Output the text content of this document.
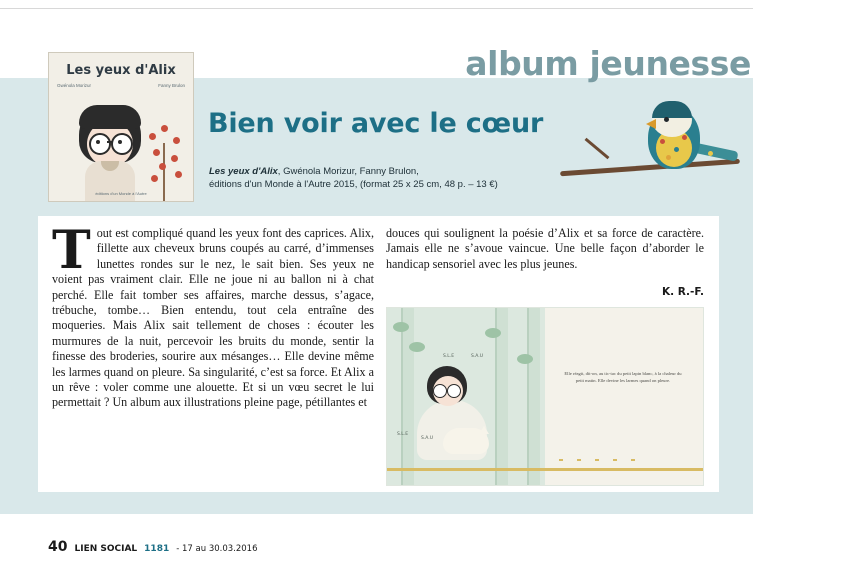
album jeunesse
Les yeux d'Alix
Gwénola Morizur	Fanny Brulon
éditions d'un Monde à l'Autre
Bien voir avec le cœur
Les yeux d'Alix, Gwénola Morizur, Fanny Brulon,
éditions d'un Monde à l'Autre 2015, (format 25 x 25 cm, 48 p. – 13 €)
Tout est compliqué quand les yeux font des caprices. Alix, fillette aux cheveux bruns coupés au carré, d’immenses lunettes rondes sur le nez, le sait bien. Ses yeux ne voient pas vraiment clair. Elle ne joue ni au ballon ni à chat perché. Elle fait tomber ses affaires, marche dessus, s’agace, trébuche, tombe… Bien entendu, tout cela entraîne des moqueries. Mais Alix sait tellement de choses : écouter les murmures de la nuit, percevoir les bruits du monde, sentir la finesse des broderies, sourire aux mésanges… Elle devine même les larmes quand on pleure. Sa singularité, c’est sa force. Et Alix a un rêve : voler comme une alouette. Et si un vœu secret le lui permettait ? Un album aux illustrations pleine page, pétillantes et
douces qui soulignent la poésie d’Alix et sa force de caractère. Jamais elle ne s’avoue vaincue. Une belle façon d’aborder le handicap sensoriel avec les plus jeunes.
K. R.-F.
Elle réagit, dit-on, au tic-tac du petit lapin blanc, à la chaleur du petit matin. Elle devine les larmes quand on pleure.
S.L.E	S.A.U
S.L.E
S.A.U
40 LIEN SOCIAL 1181 - 17 au 30.03.2016
